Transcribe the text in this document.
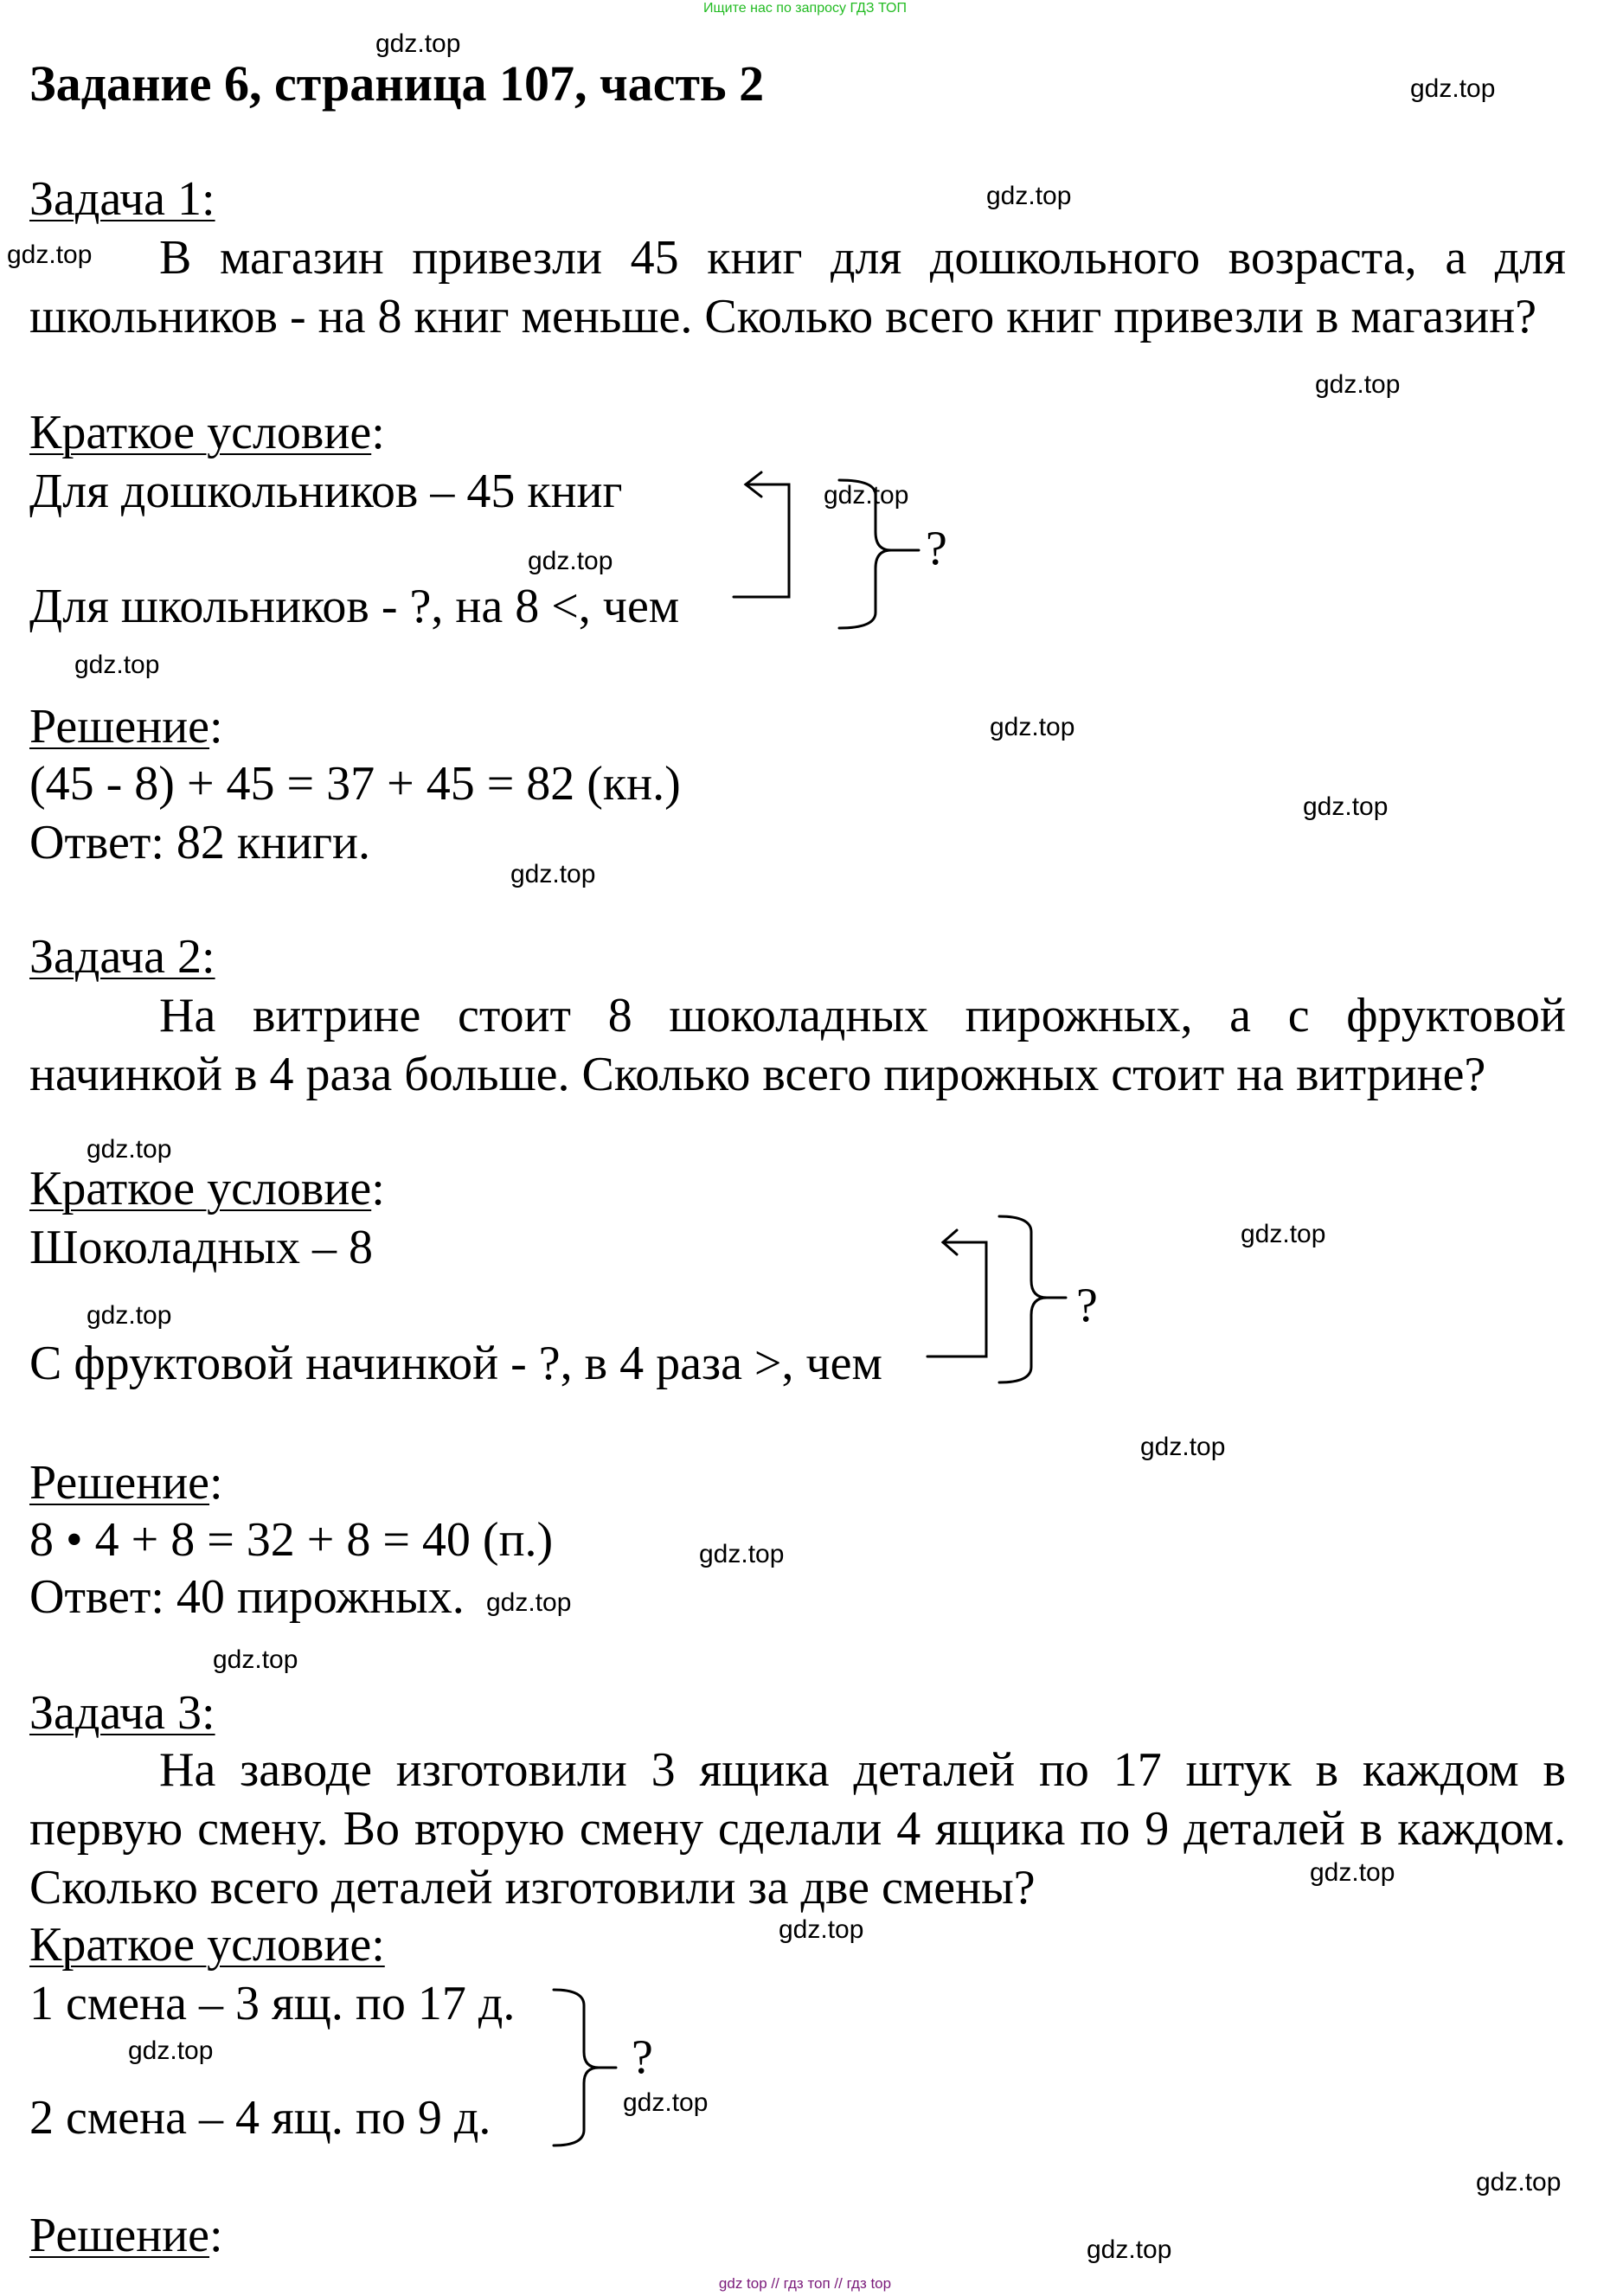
Ищите нас по запросу ГДЗ ТОП
Задание 6, страница 107, часть 2
Задача 1:
В магазин привезли 45 книг для дошкольного возраста, а для школьников - на 8 книг меньше. Сколько всего книг привезли в магазин?
Краткое условие:
Для дошкольников – 45 книг
Для школьников - ?, на 8 <, чем
?
Решение:
(45 - 8) + 45 = 37 + 45 = 82 (кн.)
Ответ: 82 книги.
Задача 2:
На витрине стоит 8 шоколадных пирожных, а с фруктовой начинкой в 4 раза больше. Сколько всего пирожных стоит на витрине?
Краткое условие:
Шоколадных – 8
С фруктовой начинкой - ?, в 4 раза >, чем
?
Решение:
8 • 4 + 8 = 32 + 8 = 40 (п.)
Ответ: 40 пирожных.
Задача 3:
На заводе изготовили 3 ящика деталей по 17 штук в каждом в первую смену. Во вторую смену сделали 4 ящика по 9 деталей в каждом. Сколько всего деталей изготовили за две смены?
Краткое условие:
1 смена – 3 ящ. по 17 д.
2 смена – 4 ящ. по 9 д.
?
Решение:
gdz.top
gdz.top
gdz.top
gdz.top
gdz.top
gdz.top
gdz.top
gdz.top
gdz.top
gdz.top
gdz.top
gdz.top
gdz.top
gdz.top
gdz.top
gdz.top
gdz.top
gdz.top
gdz.top
gdz.top
gdz.top
gdz.top
gdz.top
gdz.top
gdz top // гдз топ // гдз top
